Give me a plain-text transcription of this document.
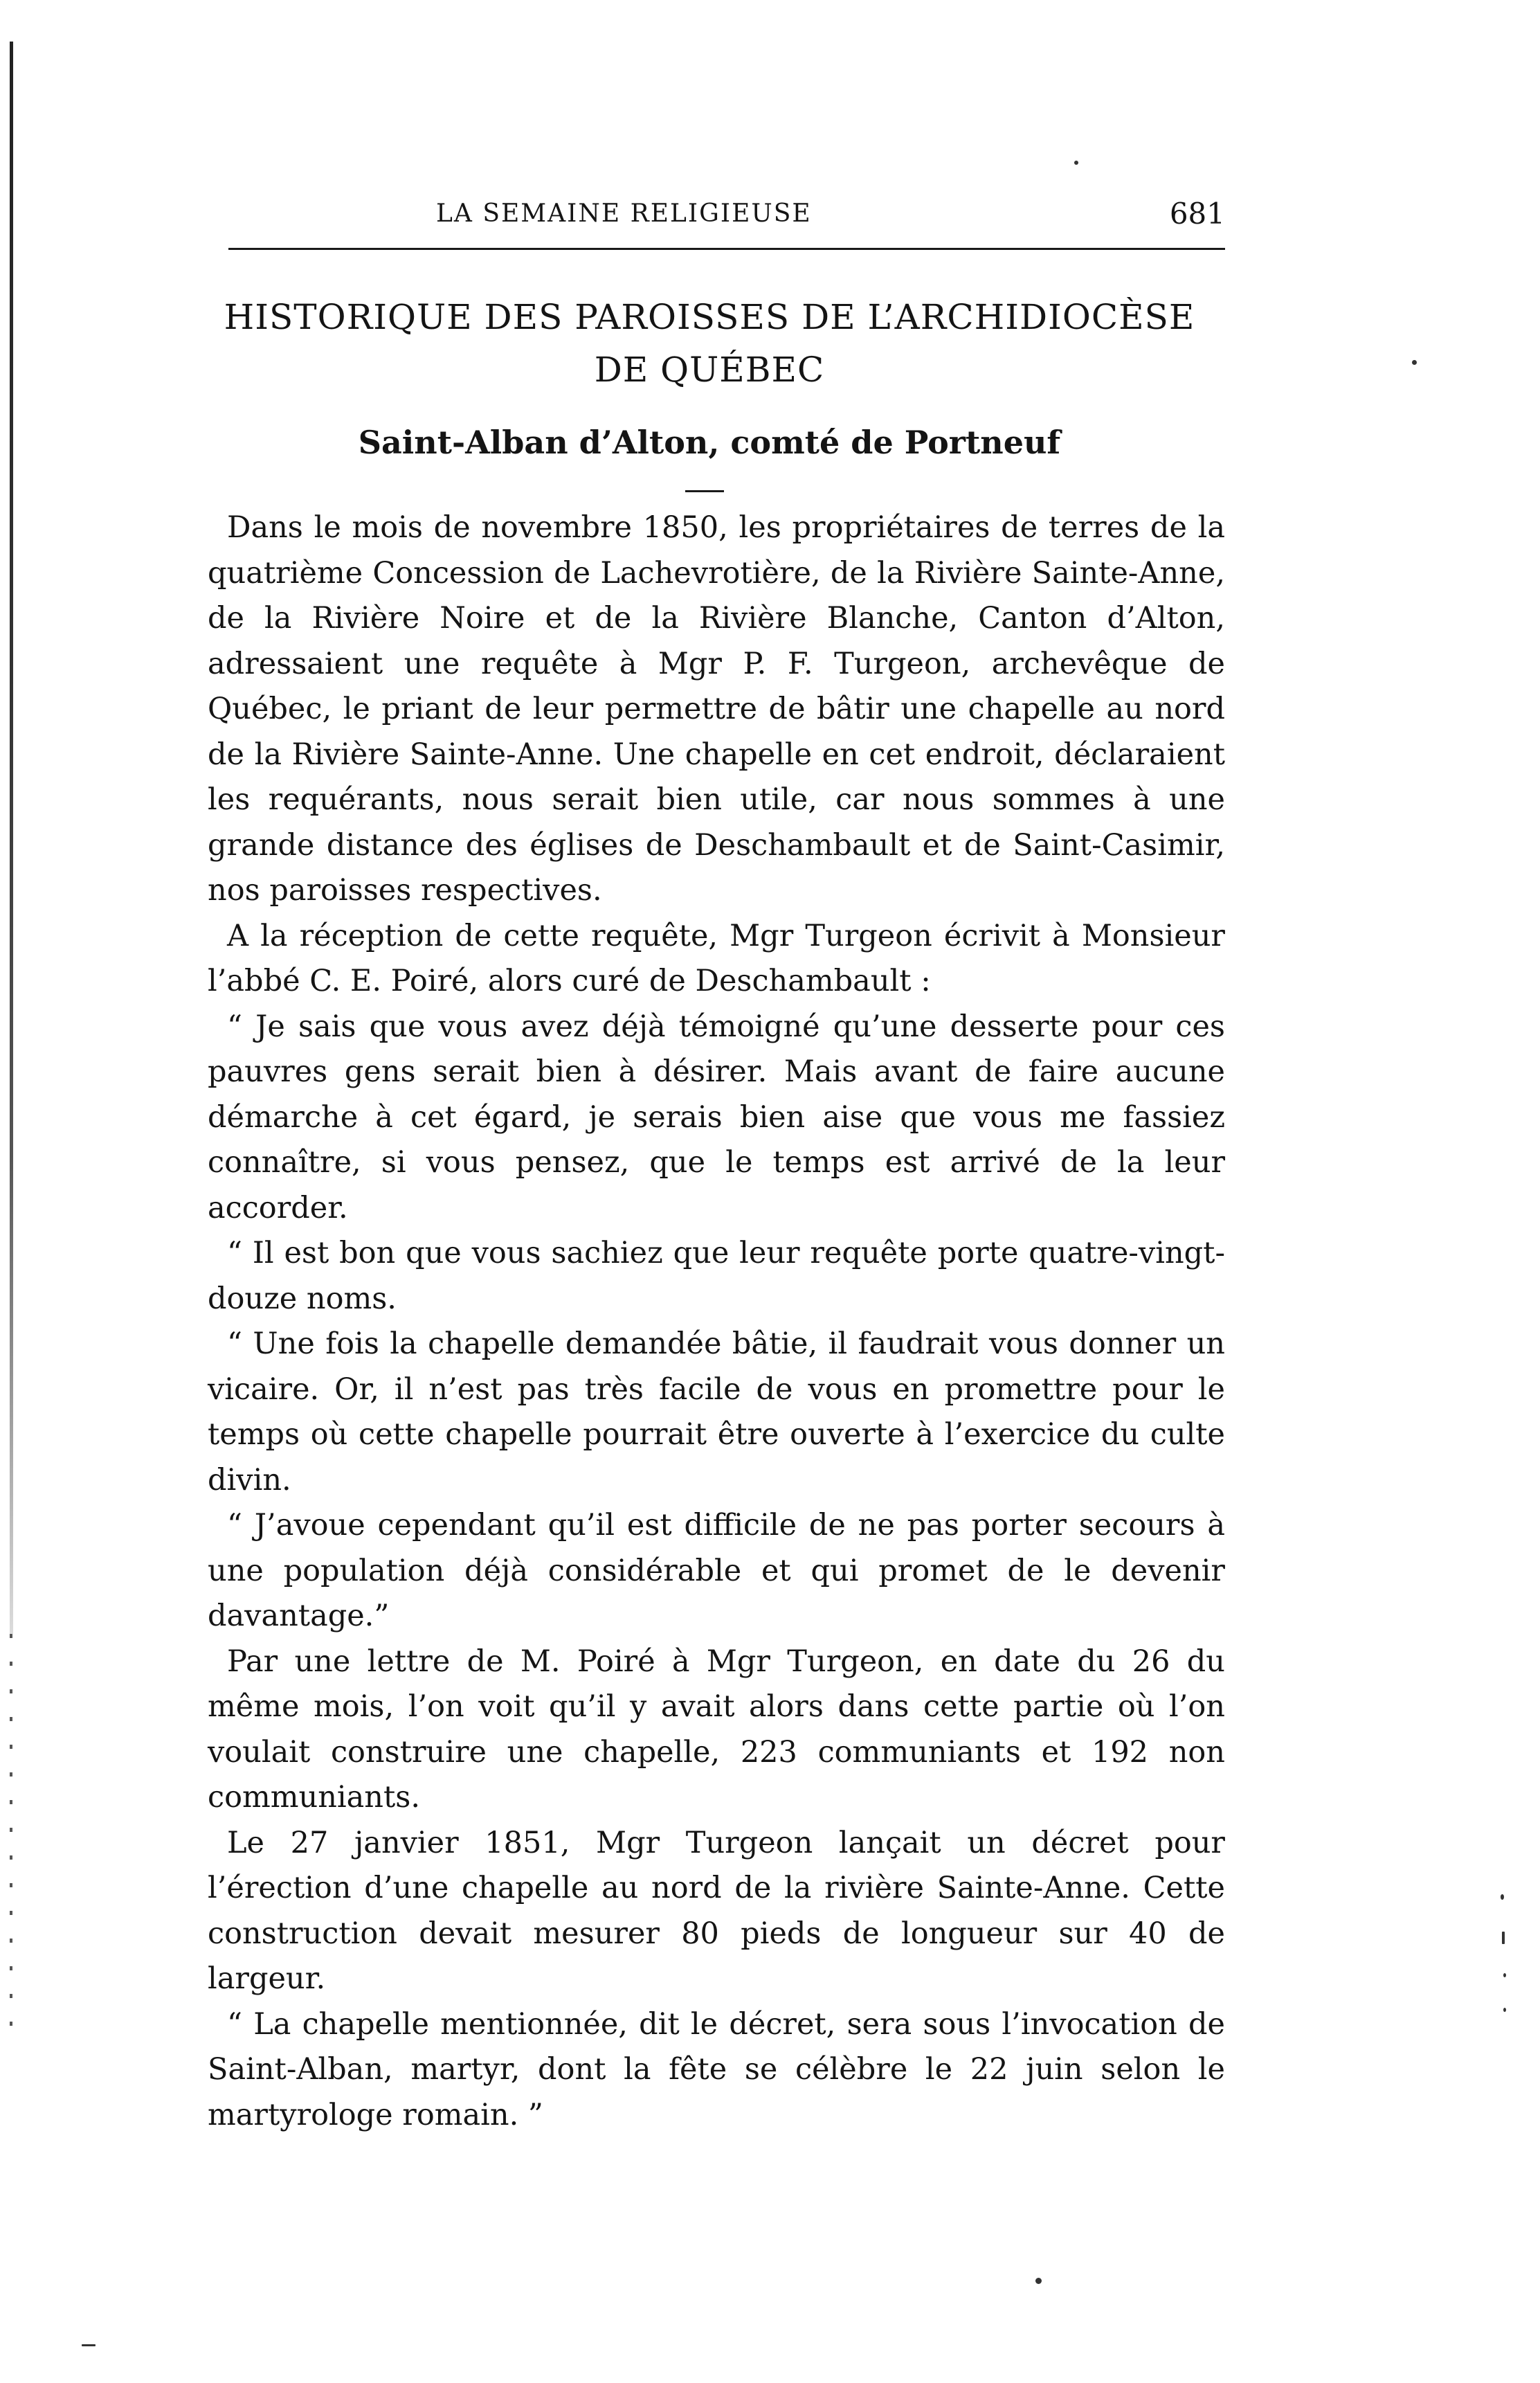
LA SEMAINE RELIGIEUSE	681
HISTORIQUE DES PAROISSES DE L’ARCHIDIOCÈSE
DE QUÉBEC
Saint-Alban d’Alton, comté de Portneuf

Dans le mois de novembre 1850, les propriétaires de terres de la quatrième Concession de Lachevrotière, de la Rivière Sainte-Anne, de la Rivière Noire et de la Rivière Blanche, Canton d’Alton, adressaient une requête à Mgr P. F. Turgeon, archevêque de Québec, le priant de leur permettre de bâtir une chapelle au nord de la Rivière Sainte-Anne. Une chapelle en cet endroit, déclaraient les requérants, nous serait bien utile, car nous sommes à une grande distance des églises de Deschambault et de Saint-Casimir, nos paroisses respectives.

A la réception de cette requête, Mgr Turgeon écrivit à Monsieur l’abbé C. E. Poiré, alors curé de Deschambault :

“ Je sais que vous avez déjà témoigné qu’une desserte pour ces pauvres gens serait bien à désirer. Mais avant de faire aucune démarche à cet égard, je serais bien aise que vous me fassiez connaître, si vous pensez, que le temps est arrivé de la leur accorder.

“ Il est bon que vous sachiez que leur requête porte quatre-vingt-douze noms.

“ Une fois la chapelle demandée bâtie, il faudrait vous donner un vicaire. Or, il n’est pas très facile de vous en promettre pour le temps où cette chapelle pourrait être ouverte à l’exercice du culte divin.

“ J’avoue cependant qu’il est difficile de ne pas porter secours à une population déjà considérable et qui promet de le devenir davantage.”

Par une lettre de M. Poiré à Mgr Turgeon, en date du 26 du même mois, l’on voit qu’il y avait alors dans cette partie où l’on voulait construire une chapelle, 223 communiants et 192 non communiants.

Le 27 janvier 1851, Mgr Turgeon lançait un décret pour l’érection d’une chapelle au nord de la rivière Sainte-Anne. Cette construction devait mesurer 80 pieds de longueur sur 40 de largeur.

“ La chapelle mentionnée, dit le décret, sera sous l’invocation de Saint-Alban, martyr, dont la fête se célèbre le 22 juin selon le martyrologe romain. ”
